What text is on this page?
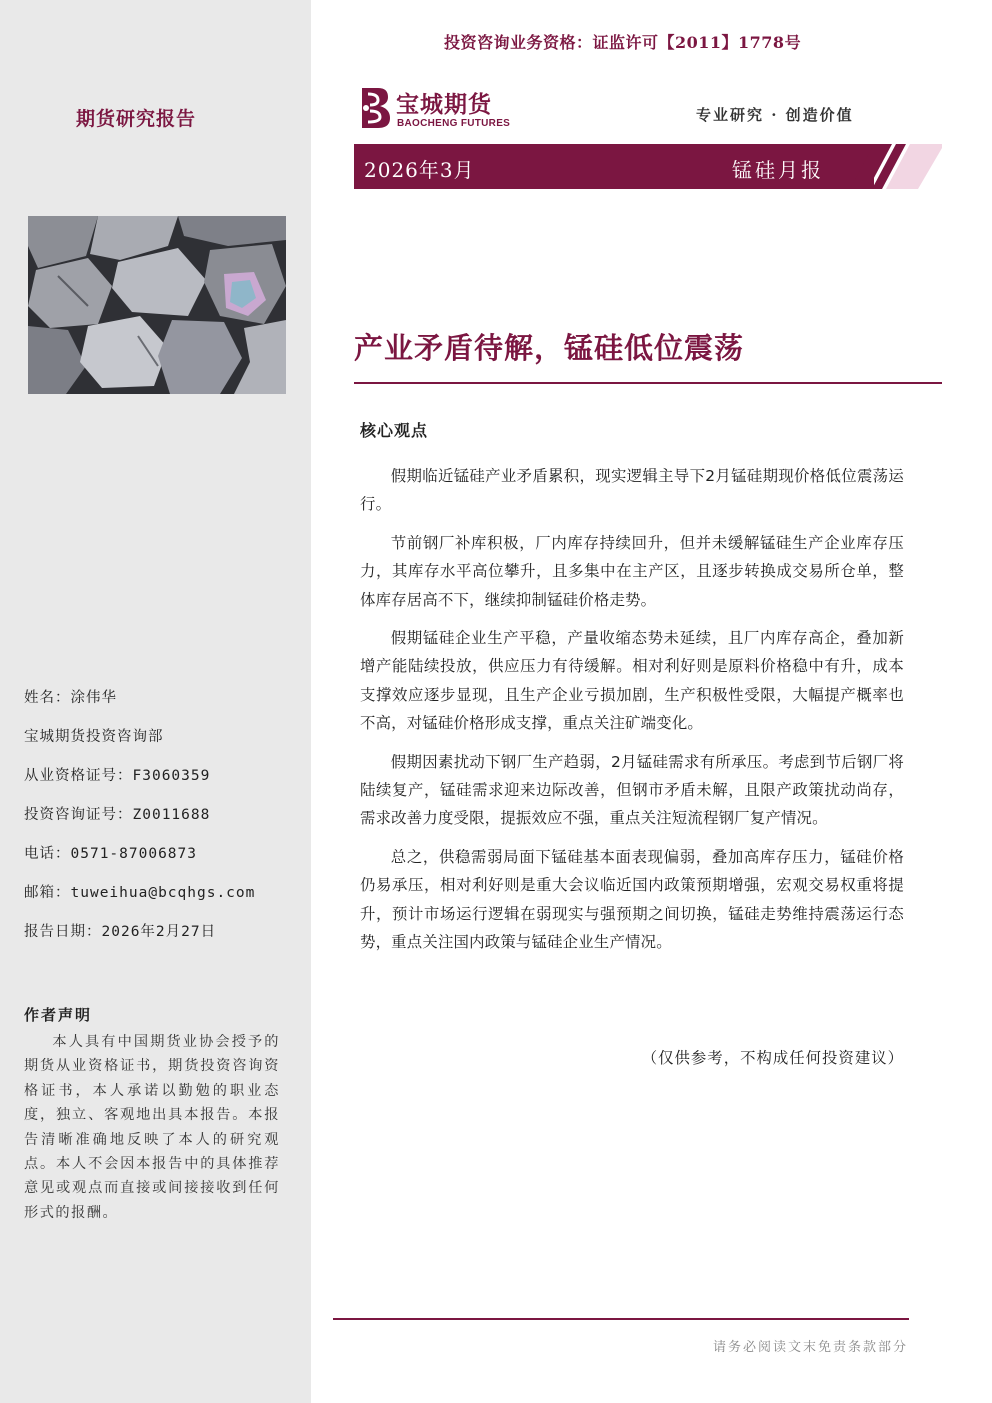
期货研究报告
姓名：涂伟华
宝城期货投资咨询部
从业资格证号：F3060359
投资咨询证号：Z0011688
电话：0571-87006873
邮箱：tuweihua@bcqhgs.com
报告日期：2026年2月27日
作者声明
本人具有中国期货业协会授予的期货从业资格证书，期货投资咨询资格证书，本人承诺以勤勉的职业态度，独立、客观地出具本报告。本报告清晰准确地反映了本人的研究观点。本人不会因本报告中的具体推荐意见或观点而直接或间接接收到任何形式的报酬。
投资咨询业务资格：证监许可【2011】1778号
宝城期货
BAOCHENG FUTURES	专业研究 · 创造价值
2026年3月	锰硅月报
产业矛盾待解，锰硅低位震荡
核心观点

假期临近锰硅产业矛盾累积，现实逻辑主导下2月锰硅期现价格低位震荡运行。

节前钢厂补库积极，厂内库存持续回升，但并未缓解锰硅生产企业库存压力，其库存水平高位攀升，且多集中在主产区，且逐步转换成交易所仓单，整体库存居高不下，继续抑制锰硅价格走势。

假期锰硅企业生产平稳，产量收缩态势未延续，且厂内库存高企，叠加新增产能陆续投放，供应压力有待缓解。相对利好则是原料价格稳中有升，成本支撑效应逐步显现，且生产企业亏损加剧，生产积极性受限，大幅提产概率也不高，对锰硅价格形成支撑，重点关注矿端变化。

假期因素扰动下钢厂生产趋弱，2月锰硅需求有所承压。考虑到节后钢厂将陆续复产，锰硅需求迎来边际改善，但钢市矛盾未解，且限产政策扰动尚存，需求改善力度受限，提振效应不强，重点关注短流程钢厂复产情况。

总之，供稳需弱局面下锰硅基本面表现偏弱，叠加高库存压力，锰硅价格仍易承压，相对利好则是重大会议临近国内政策预期增强，宏观交易权重将提升，预计市场运行逻辑在弱现实与强预期之间切换，锰硅走势维持震荡运行态势，重点关注国内政策与锰硅企业生产情况。

（仅供参考，不构成任何投资建议）
请务必阅读文末免责条款部分
